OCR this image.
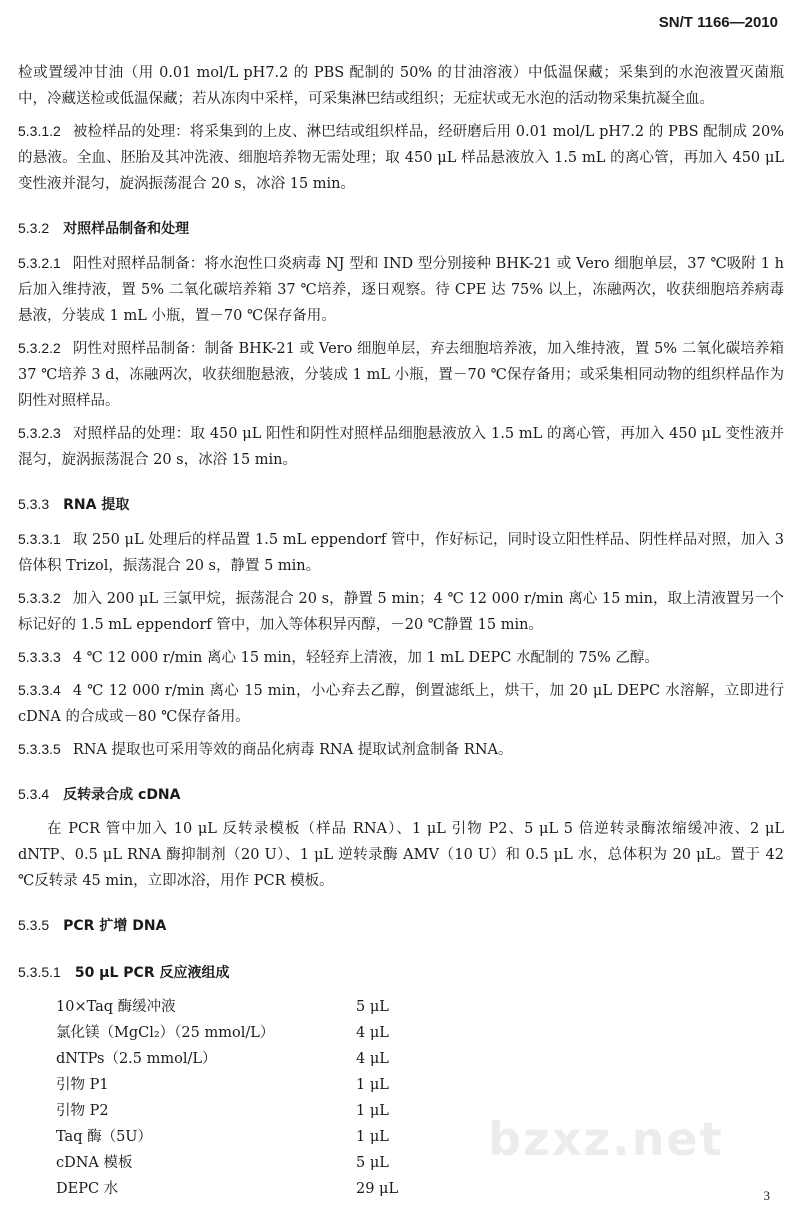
SN/T 1166—2010

检或置缓冲甘油（用 0.01 mol/L pH7.2 的 PBS 配制的 50% 的甘油溶液）中低温保藏；采集到的水泡液置灭菌瓶中，冷藏送检或低温保藏；若从冻肉中采样，可采集淋巴结或组织；无症状或无水泡的活动物采集抗凝全血。

5.3.1.2 被检样品的处理：将采集到的上皮、淋巴结或组织样品，经研磨后用 0.01 mol/L pH7.2 的 PBS 配制成 20% 的悬液。全血、胚胎及其冲洗液、细胞培养物无需处理；取 450 μL 样品悬液放入 1.5 mL 的离心管，再加入 450 μL 变性液并混匀，旋涡振荡混合 20 s，冰浴 15 min。

5.3.2 对照样品制备和处理

5.3.2.1 阳性对照样品制备：将水泡性口炎病毒 NJ 型和 IND 型分别接种 BHK-21 或 Vero 细胞单层，37 ℃吸附 1 h 后加入维持液，置 5% 二氧化碳培养箱 37 ℃培养，逐日观察。待 CPE 达 75% 以上，冻融两次，收获细胞培养病毒悬液，分装成 1 mL 小瓶，置－70 ℃保存备用。

5.3.2.2 阴性对照样品制备：制备 BHK-21 或 Vero 细胞单层，弃去细胞培养液，加入维持液，置 5% 二氧化碳培养箱 37 ℃培养 3 d，冻融两次，收获细胞悬液，分装成 1 mL 小瓶，置－70 ℃保存备用；或采集相同动物的组织样品作为阴性对照样品。

5.3.2.3 对照样品的处理：取 450 μL 阳性和阴性对照样品细胞悬液放入 1.5 mL 的离心管，再加入 450 μL 变性液并混匀，旋涡振荡混合 20 s，冰浴 15 min。

5.3.3 RNA 提取

5.3.3.1 取 250 μL 处理后的样品置 1.5 mL eppendorf 管中，作好标记，同时设立阳性样品、阴性样品对照，加入 3 倍体积 Trizol，振荡混合 20 s，静置 5 min。

5.3.3.2 加入 200 μL 三氯甲烷，振荡混合 20 s，静置 5 min；4 ℃ 12 000 r/min 离心 15 min，取上清液置另一个标记好的 1.5 mL eppendorf 管中，加入等体积异丙醇，－20 ℃静置 15 min。

5.3.3.3 4 ℃ 12 000 r/min 离心 15 min，轻轻弃上清液，加 1 mL DEPC 水配制的 75% 乙醇。

5.3.3.4 4 ℃ 12 000 r/min 离心 15 min，小心弃去乙醇，倒置滤纸上，烘干，加 20 μL DEPC 水溶解，立即进行 cDNA 的合成或－80 ℃保存备用。

5.3.3.5 RNA 提取也可采用等效的商品化病毒 RNA 提取试剂盒制备 RNA。

5.3.4 反转录合成 cDNA

在 PCR 管中加入 10 μL 反转录模板（样品 RNA）、1 μL 引物 P2、5 μL 5 倍逆转录酶浓缩缓冲液、2 μL dNTP、0.5 μL RNA 酶抑制剂（20 U）、1 μL 逆转录酶 AMV（10 U）和 0.5 μL 水，总体积为 20 μL。置于 42 ℃反转录 45 min，立即冰浴，用作 PCR 模板。

5.3.5 PCR 扩增 DNA
5.3.5.1 50 μL PCR 反应液组成
10×Taq 酶缓冲液	5 μL
氯化镁（MgCl₂）（25 mmol/L）	4 μL
dNTPs（2.5 mmol/L）	4 μL
引物 P1	1 μL
引物 P2	1 μL
Taq 酶（5U）	1 μL
cDNA 模板	5 μL
DEPC 水	29 μL
bzxz.net
3
